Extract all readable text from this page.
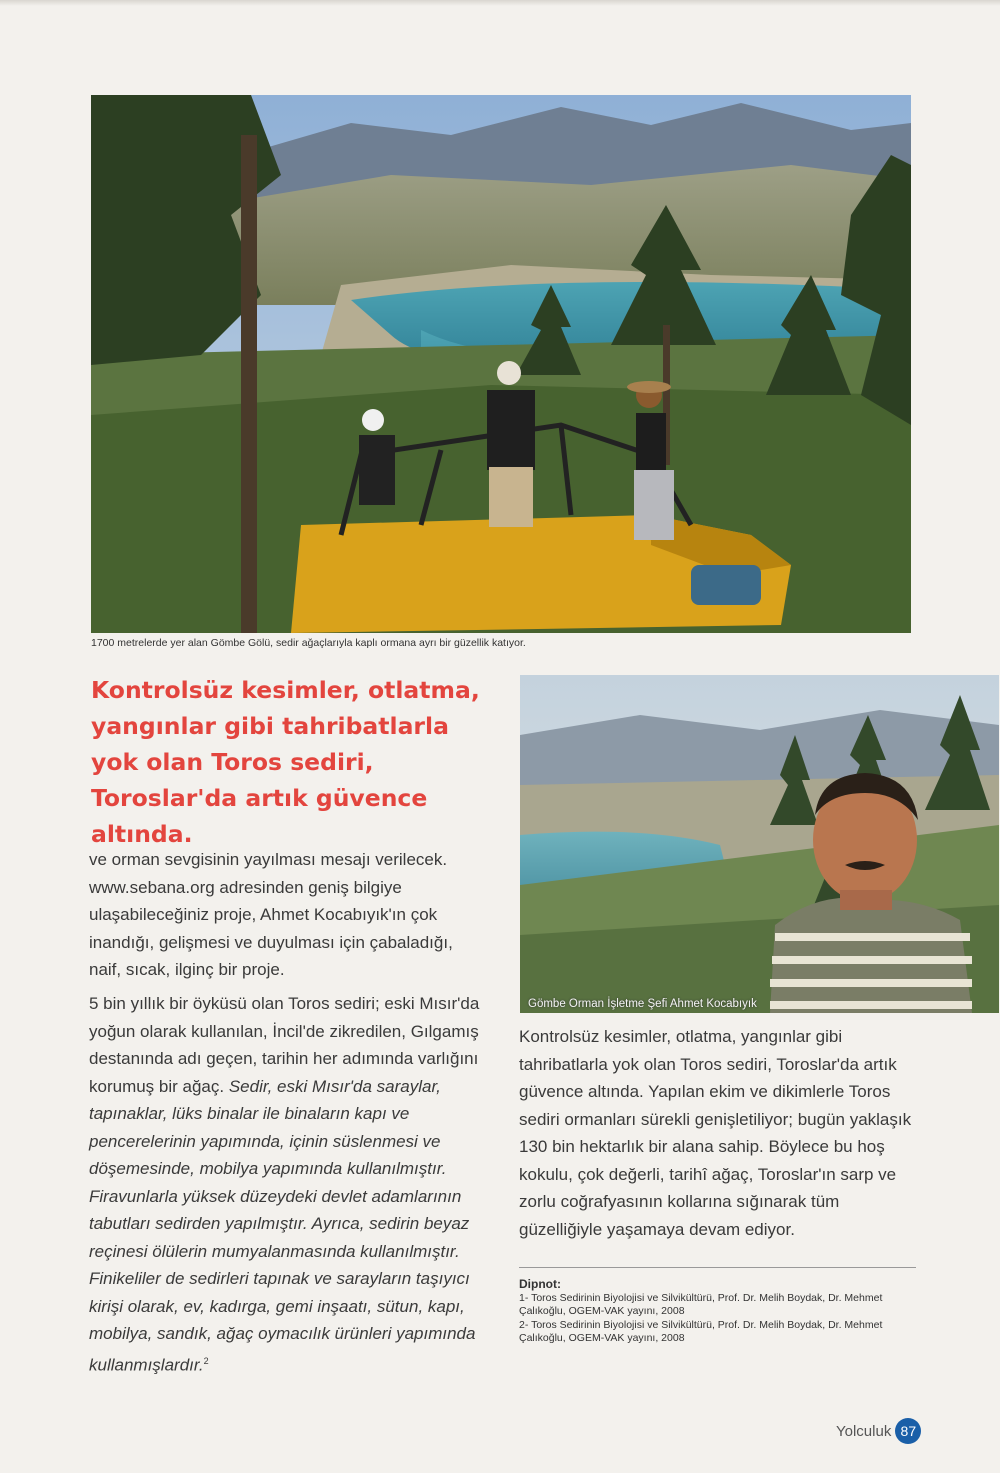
1700 metrelerde yer alan Gömbe Gölü, sedir ağaçlarıyla kaplı ormana ayrı bir güzellik katıyor.
Kontrolsüz kesimler, otlatma, yangınlar gibi tahribatlarla yok olan Toros sediri, Toroslar'da artık güvence altında.
ve orman sevgisinin yayılması mesajı verilecek. www.sebana.org adresinden geniş bilgiye ulaşabileceğiniz proje, Ahmet Kocabıyık'ın çok inandığı, gelişmesi ve duyulması için çabaladığı, naif, sıcak, ilginç bir proje.
5 bin yıllık bir öyküsü olan Toros sediri; eski Mısır'da yoğun olarak kullanılan, İncil'de zikredilen, Gılgamış destanında adı geçen, tarihin her adımında varlığını korumuş bir ağaç. Sedir, eski Mısır'da saraylar, tapınaklar, lüks binalar ile binaların kapı ve pencerelerinin yapımında, içinin süslenmesi ve döşemesinde, mobilya yapımında kullanılmıştır. Firavunlarla yüksek düzeydeki devlet adamlarının tabutları sedirden yapılmıştır. Ayrıca, sedirin beyaz reçinesi ölülerin mumyalanmasında kullanılmıştır. Finikeliler de sedirleri tapınak ve sarayların taşıyıcı kirişi olarak, ev, kadırga, gemi inşaatı, sütun, kapı, mobilya, sandık, ağaç oymacılık ürünleri yapımında kullanmışlardır.$^2$
Gömbe Orman İşletme Şefi Ahmet Kocabıyık
Kontrolsüz kesimler, otlatma, yangınlar gibi tahribatlarla yok olan Toros sediri, Toroslar'da artık güvence altında. Yapılan ekim ve dikimlerle Toros sediri ormanları sürekli genişletiliyor; bugün yaklaşık 130 bin hektarlık bir alana sahip. Böylece bu hoş kokulu, çok değerli, tarihî ağaç, Toroslar'ın sarp ve zorlu coğrafyasının kollarına sığınarak tüm güzelliğiyle yaşamaya devam ediyor.
Dipnot:
1- Toros Sedirinin Biyolojisi ve Silvikültürü, Prof. Dr. Melih Boydak, Dr. Mehmet Çalıkoğlu, OGEM-VAK yayını, 2008
2- Toros Sedirinin Biyolojisi ve Silvikültürü, Prof. Dr. Melih Boydak, Dr. Mehmet Çalıkoğlu, OGEM-VAK yayını, 2008
Yolculuk 87
